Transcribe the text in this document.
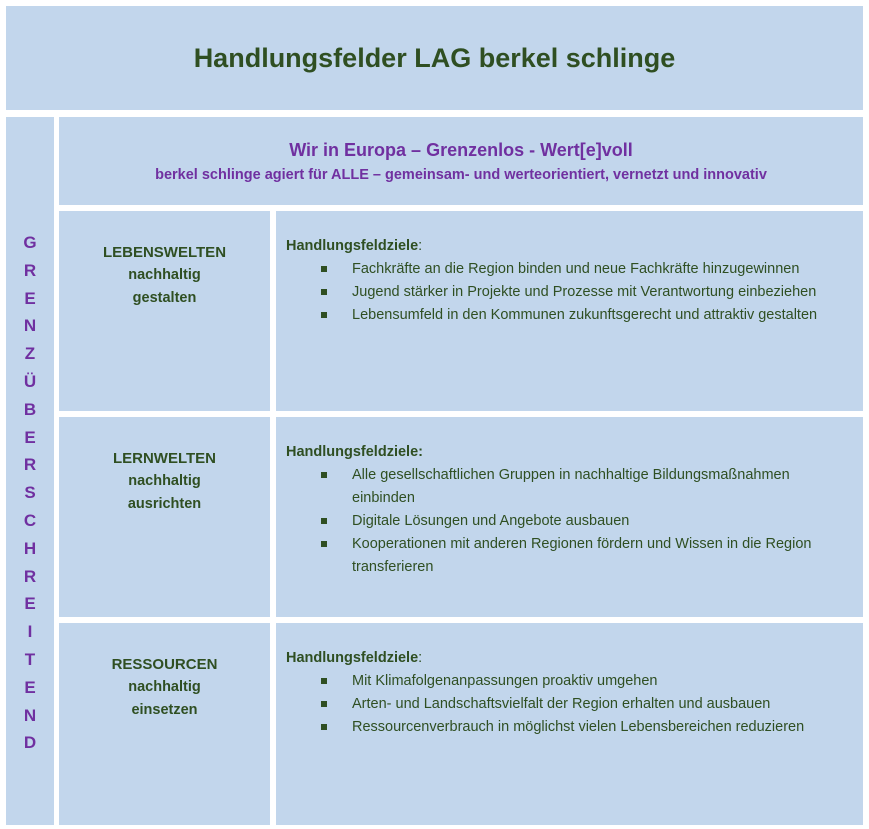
Handlungsfelder LAG berkel schlinge
G
R
E
N
Z
Ü
B
E
R
S
C
H
R
E
I
T
E
N
D
Wir in Europa – Grenzenlos - Wert[e]voll
berkel schlinge agiert für ALLE – gemeinsam- und werteorientiert, vernetzt und innovativ
LEBENSWELTEN
nachhaltig
gestalten
Handlungsfeldziele:
Fachkräfte an die Region binden und neue Fachkräfte hinzugewinnen
Jugend stärker in Projekte und Prozesse mit Verantwortung einbeziehen
Lebensumfeld in den Kommunen zukunftsgerecht und attraktiv gestalten
LERNWELTEN
nachhaltig
ausrichten
Handlungsfeldziele:
Alle gesellschaftlichen Gruppen in nachhaltige Bildungsmaßnahmen einbinden
Digitale Lösungen und Angebote ausbauen
Kooperationen mit anderen Regionen fördern und Wissen in die Region transferieren
RESSOURCEN
nachhaltig
einsetzen
Handlungsfeldziele:
Mit Klimafolgenanpassungen proaktiv umgehen
Arten- und Landschaftsvielfalt der Region erhalten und ausbauen
Ressourcenverbrauch in möglichst vielen Lebensbereichen reduzieren
